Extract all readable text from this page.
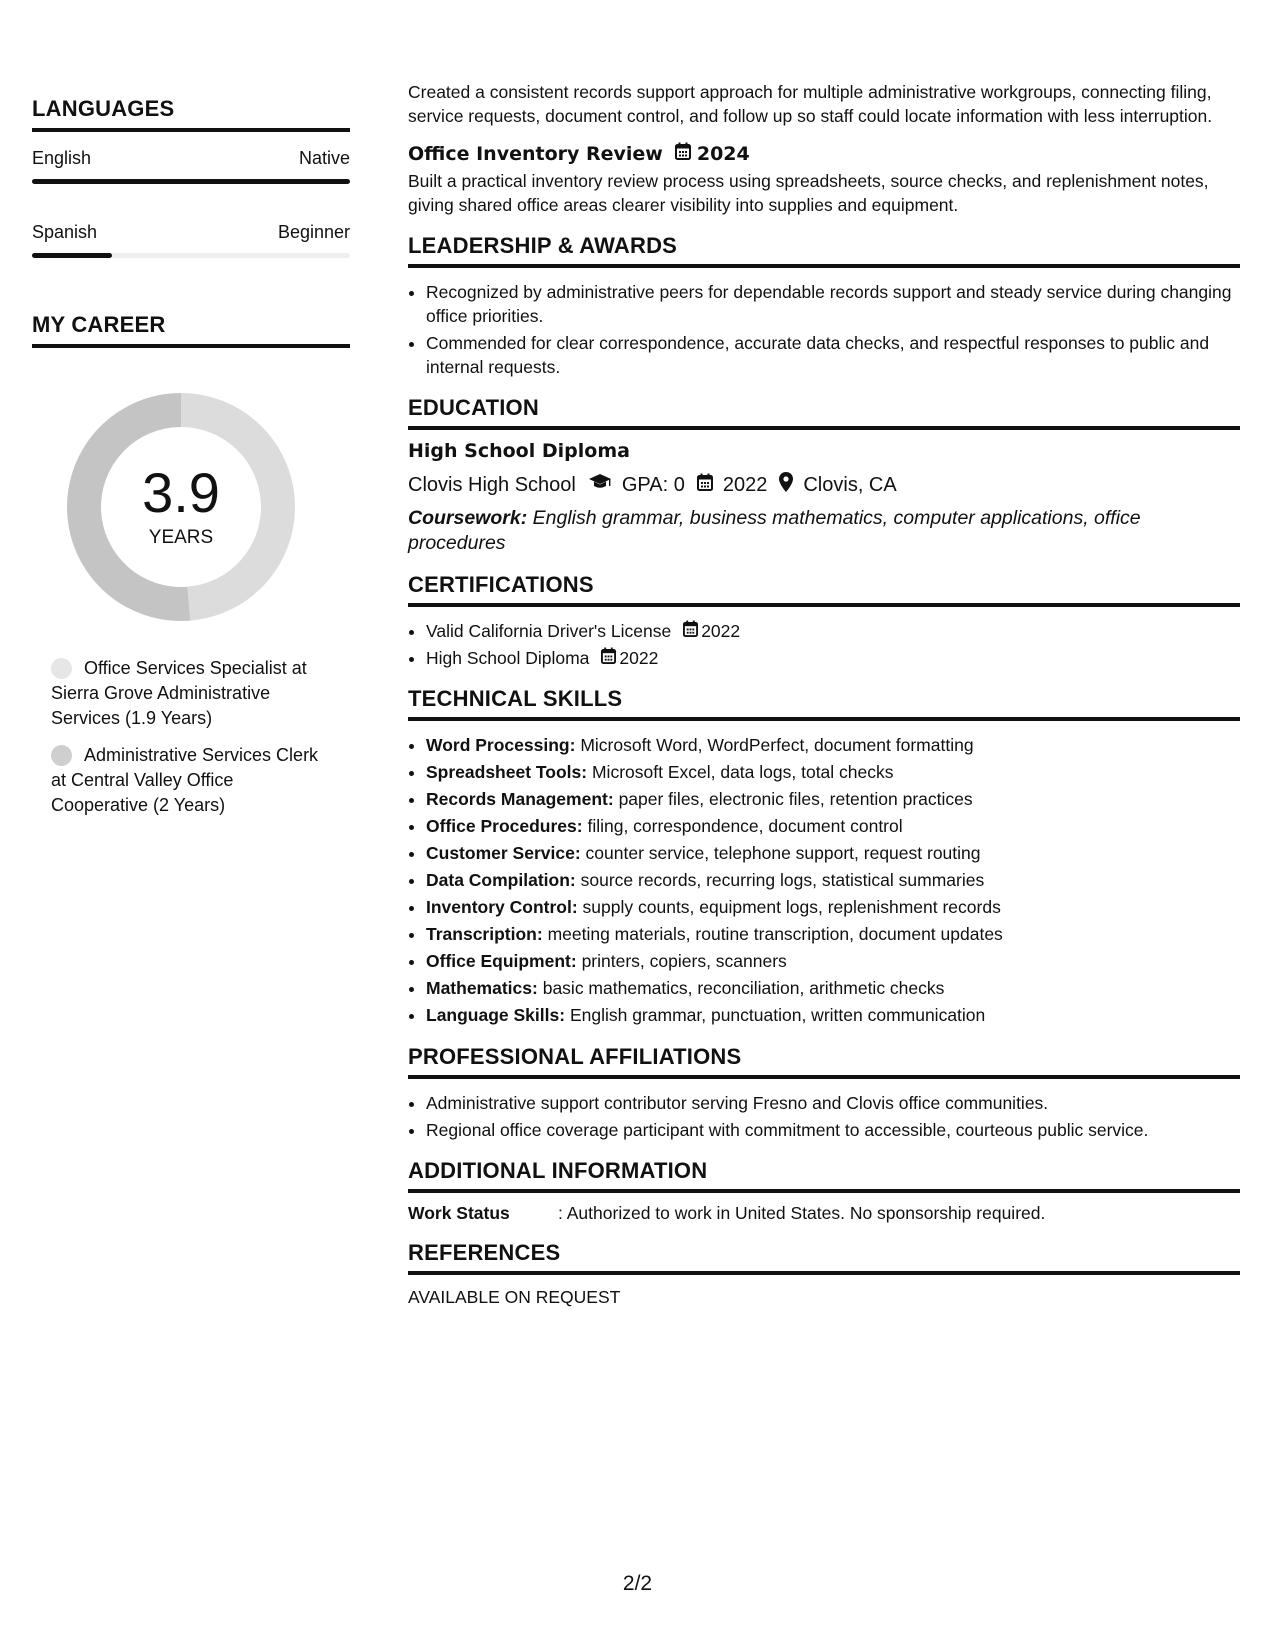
LANGUAGES
English	Native
Spanish	Beginner
MY CAREER
3.9
YEARS
Office Services Specialist at Sierra Grove Administrative Services (1.9 Years)
Administrative Services Clerk at Central Valley Office Cooperative (2 Years)

Created a consistent records support approach for multiple administrative workgroups, connecting filing, service requests, document control, and follow up so staff could locate information with less interruption.

Office Inventory Review 2024

Built a practical inventory review process using spreadsheets, source checks, and replenishment notes, giving shared office areas clearer visibility into supplies and equipment.

LEADERSHIP & AWARDS
• Recognized by administrative peers for dependable records support and steady service during changing office priorities.
• Commended for clear correspondence, accurate data checks, and respectful responses to public and internal requests.
EDUCATION
High School Diploma
Clovis High School GPA: 0 2022 Clovis, CA
Coursework: English grammar, business mathematics, computer applications, office procedures
CERTIFICATIONS
• Valid California Driver's License 2022
• High School Diploma 2022
TECHNICAL SKILLS
• Word Processing: Microsoft Word, WordPerfect, document formatting
• Spreadsheet Tools: Microsoft Excel, data logs, total checks
• Records Management: paper files, electronic files, retention practices
• Office Procedures: filing, correspondence, document control
• Customer Service: counter service, telephone support, request routing
• Data Compilation: source records, recurring logs, statistical summaries
• Inventory Control: supply counts, equipment logs, replenishment records
• Transcription: meeting materials, routine transcription, document updates
• Office Equipment: printers, copiers, scanners
• Mathematics: basic mathematics, reconciliation, arithmetic checks
• Language Skills: English grammar, punctuation, written communication
PROFESSIONAL AFFILIATIONS
• Administrative support contributor serving Fresno and Clovis office communities.
• Regional office coverage participant with commitment to accessible, courteous public service.
ADDITIONAL INFORMATION
Work Status	: Authorized to work in United States. No sponsorship required.
REFERENCES
AVAILABLE ON REQUEST
2/2
